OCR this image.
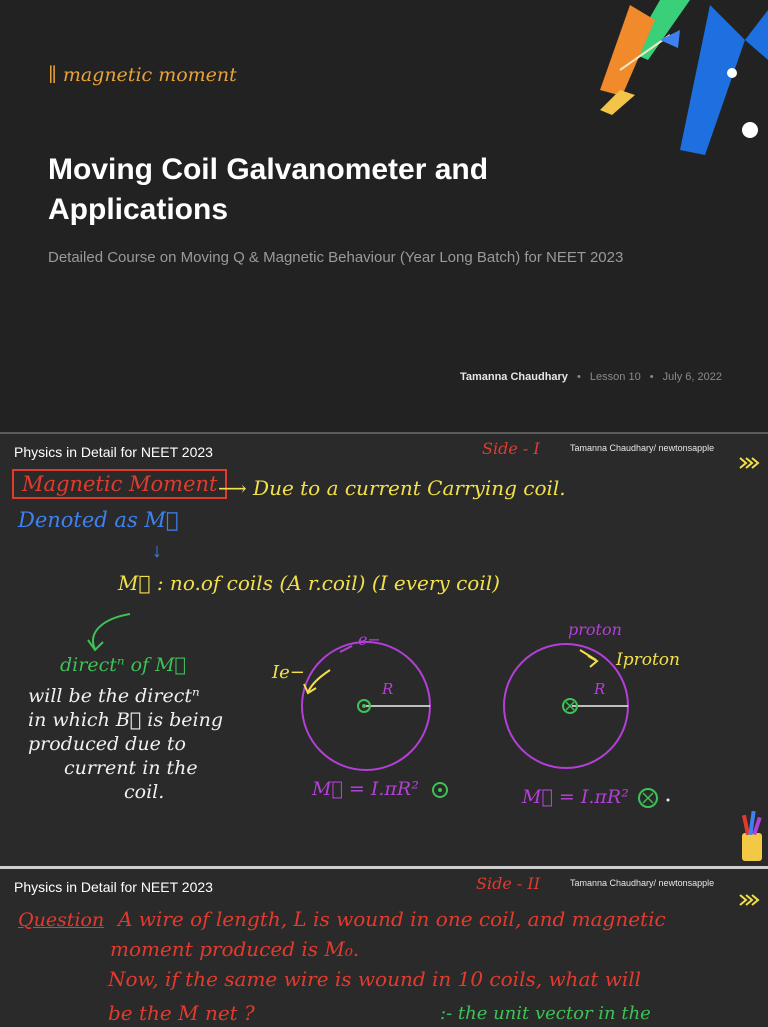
∥ magnetic moment
Moving Coil Galvanometer and Applications
Detailed Course on Moving Q & Magnetic Behaviour (Year Long Batch) for NEET 2023
Tamanna Chaudhary • Lesson 10 • July 6, 2022
Physics in Detail for NEET 2023	Side - I	Tamanna Chaudhary/ newtonsapple
Magnetic Moment ⟶ Due to a current Carrying coil.
Denoted as M⃗
↓
M⃗ : no.of coils (A r.coil) (I every coil)
directⁿ of M⃗
will be the directⁿ
in which B⃗ is being
produced due to
current in the
coil.
e−
Ie−
R
proton
Iproton
R
M⃗ = I.πR²	M⃗ = I.πR²
Physics in Detail for NEET 2023	Side - II	Tamanna Chaudhary/ newtonsapple
Question A wire of length, L is wound in one coil, and magnetic
moment produced is M₀.
Now, if the same wire is wound in 10 coils, what will
be the M net ?	:- the unit vector in the
